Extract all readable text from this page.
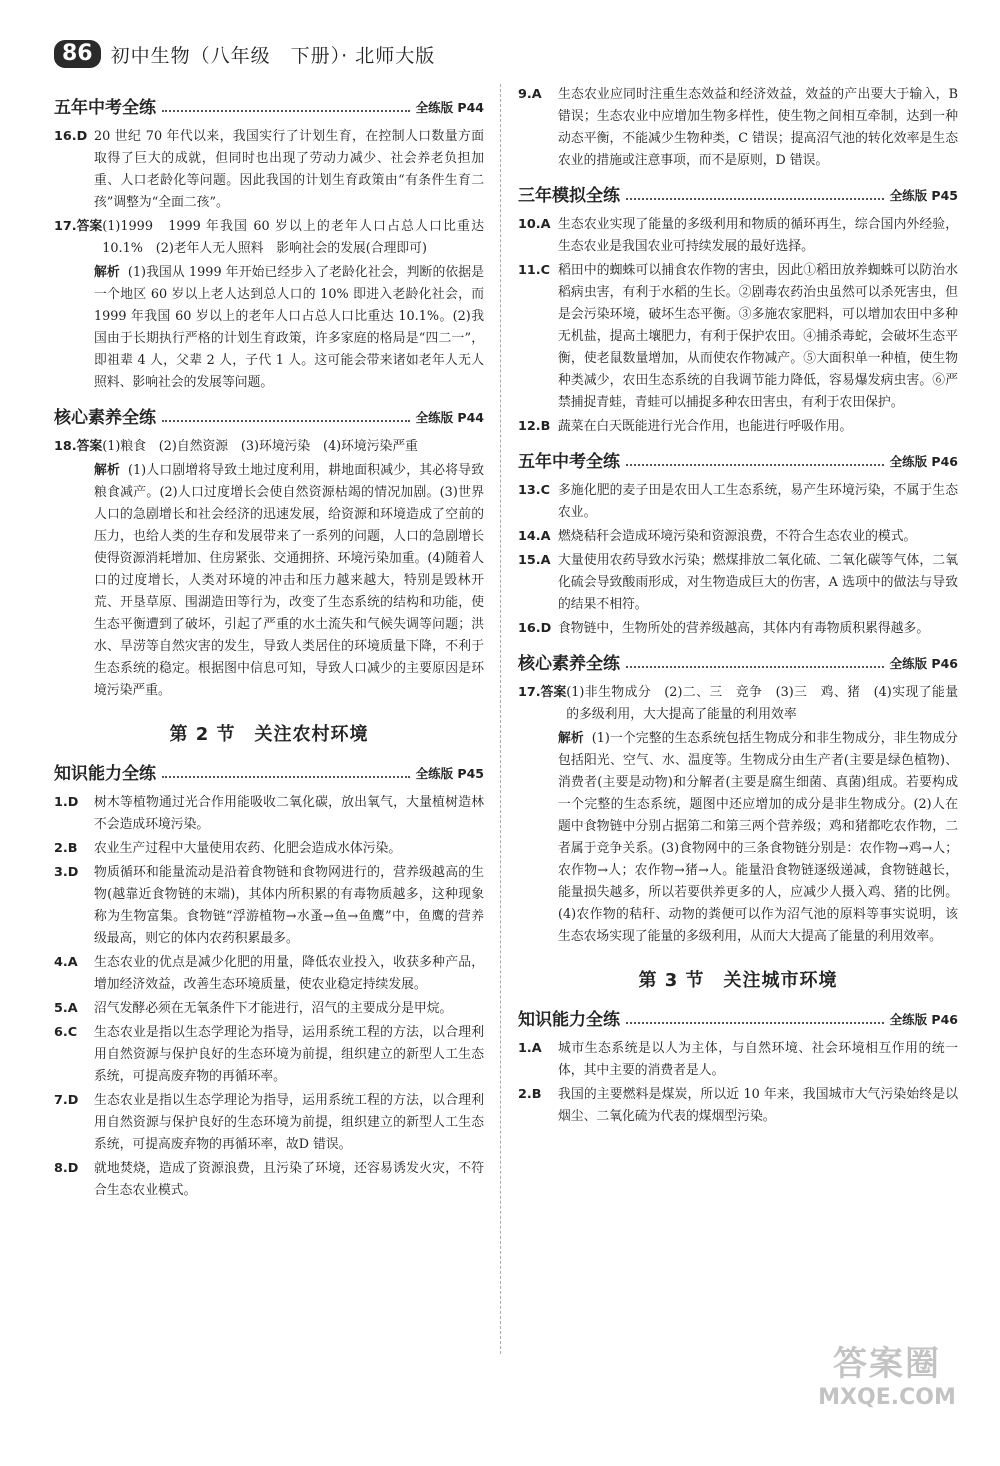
86 初中生物（八年级　下册）· 北师大版
五年中考全练	全练版 P44
16.D 20 世纪 70 年代以来，我国实行了计划生育，在控制人口数量方面取得了巨大的成就，但同时也出现了劳动力减少、社会养老负担加重、人口老龄化等问题。因此我国的计划生育政策由“有条件生育二孩”调整为“全面二孩”。
17.答案 (1)1999　1999 年我国 60 岁以上的老年人口占总人口比重达 10.1%　(2)老年人无人照料　影响社会的发展(合理即可)
解析 (1)我国从 1999 年开始已经步入了老龄化社会，判断的依据是一个地区 60 岁以上老人达到总人口的 10% 即进入老龄化社会，而 1999 年我国 60 岁以上的老年人口占总人口比重达 10.1%。(2)我国由于长期执行严格的计划生育政策，许多家庭的格局是“四二一”，即祖辈 4 人，父辈 2 人，子代 1 人。这可能会带来诸如老年人无人照料、影响社会的发展等问题。
核心素养全练	全练版 P44
18.答案 (1)粮食　(2)自然资源　(3)环境污染　(4)环境污染严重
解析 (1)人口剧增将导致土地过度利用，耕地面积减少，其必将导致粮食减产。(2)人口过度增长会使自然资源枯竭的情况加剧。(3)世界人口的急剧增长和社会经济的迅速发展，给资源和环境造成了空前的压力，也给人类的生存和发展带来了一系列的问题，人口的急剧增长使得资源消耗增加、住房紧张、交通拥挤、环境污染加重。(4)随着人口的过度增长，人类对环境的冲击和压力越来越大，特别是毁林开荒、开垦草原、围湖造田等行为，改变了生态系统的结构和功能，使生态平衡遭到了破坏，引起了严重的水土流失和气候失调等问题；洪水、旱涝等自然灾害的发生，导致人类居住的环境质量下降，不利于生态系统的稳定。根据图中信息可知，导致人口减少的主要原因是环境污染严重。
第 2 节　关注农村环境
知识能力全练	全练版 P45
1.D	树木等植物通过光合作用能吸收二氧化碳，放出氧气，大量植树造林不会造成环境污染。
2.B	农业生产过程中大量使用农药、化肥会造成水体污染。
3.D	物质循环和能量流动是沿着食物链和食物网进行的，营养级越高的生物(越靠近食物链的末端)，其体内所积累的有毒物质越多，这种现象称为生物富集。食物链“浮游植物→水蚤→鱼→鱼鹰”中，鱼鹰的营养级最高，则它的体内农药积累最多。
4.A	生态农业的优点是减少化肥的用量，降低农业投入，收获多种产品，增加经济效益，改善生态环境质量，使农业稳定持续发展。
5.A	沼气发酵必须在无氧条件下才能进行，沼气的主要成分是甲烷。
6.C	生态农业是指以生态学理论为指导，运用系统工程的方法，以合理利用自然资源与保护良好的生态环境为前提，组织建立的新型人工生态系统，可提高废弃物的再循环率。
7.D	生态农业是指以生态学理论为指导，运用系统工程的方法，以合理利用自然资源与保护良好的生态环境为前提，组织建立的新型人工生态系统，可提高废弃物的再循环率，故D 错误。
8.D	就地焚烧，造成了资源浪费，且污染了环境，还容易诱发火灾，不符合生态农业模式。
9.A	生态农业应同时注重生态效益和经济效益，效益的产出要大于输入，B 错误；生态农业中应增加生物多样性，使生物之间相互牵制，达到一种动态平衡，不能减少生物种类，C 错误；提高沼气池的转化效率是生态农业的措施或注意事项，而不是原则，D 错误。
三年模拟全练	全练版 P45
10.A 生态农业实现了能量的多级利用和物质的循环再生，综合国内外经验，生态农业是我国农业可持续发展的最好选择。
11.C 稻田中的蜘蛛可以捕食农作物的害虫，因此①稻田放养蜘蛛可以防治水稻病虫害，有利于水稻的生长。②剧毒农药治虫虽然可以杀死害虫，但是会污染环境，破坏生态平衡。③多施农家肥料，可以增加农田中多种无机盐，提高土壤肥力，有利于保护农田。④捕杀毒蛇，会破坏生态平衡，使老鼠数量增加，从而使农作物减产。⑤大面积单一种植，使生物种类减少，农田生态系统的自我调节能力降低，容易爆发病虫害。⑥严禁捕捉青蛙，青蛙可以捕捉多种农田害虫，有利于农田保护。
12.B 蔬菜在白天既能进行光合作用，也能进行呼吸作用。
五年中考全练	全练版 P46
13.C 多施化肥的麦子田是农田人工生态系统，易产生环境污染，不属于生态农业。
14.A 燃烧秸秆会造成环境污染和资源浪费，不符合生态农业的模式。
15.A 大量使用农药导致水污染；燃煤排放二氧化硫、二氧化碳等气体，二氧化硫会导致酸雨形成，对生物造成巨大的伤害，A 选项中的做法与导致的结果不相符。
16.D 食物链中，生物所处的营养级越高，其体内有毒物质积累得越多。
核心素养全练	全练版 P46
17.答案 (1)非生物成分　(2)二、三　竞争　(3)三　鸡、猪　(4)实现了能量的多级利用，大大提高了能量的利用效率
解析 (1)一个完整的生态系统包括生物成分和非生物成分，非生物成分包括阳光、空气、水、温度等。生物成分由生产者(主要是绿色植物)、消费者(主要是动物)和分解者(主要是腐生细菌、真菌)组成。若要构成一个完整的生态系统，题图中还应增加的成分是非生物成分。(2)人在题中食物链中分别占据第二和第三两个营养级；鸡和猪都吃农作物，二者属于竞争关系。(3)食物网中的三条食物链分别是：农作物→鸡→人；农作物→人；农作物→猪→人。能量沿食物链逐级递减，食物链越长，能量损失越多，所以若要供养更多的人，应减少人摄入鸡、猪的比例。(4)农作物的秸秆、动物的粪便可以作为沼气池的原料等事实说明，该生态农场实现了能量的多级利用，从而大大提高了能量的利用效率。
第 3 节　关注城市环境
知识能力全练	全练版 P46
1.A	城市生态系统是以人为主体，与自然环境、社会环境相互作用的统一体，其中主要的消费者是人。
2.B	我国的主要燃料是煤炭，所以近 10 年来，我国城市大气污染始终是以烟尘、二氧化硫为代表的煤烟型污染。
答案圈
MXQE.COM
